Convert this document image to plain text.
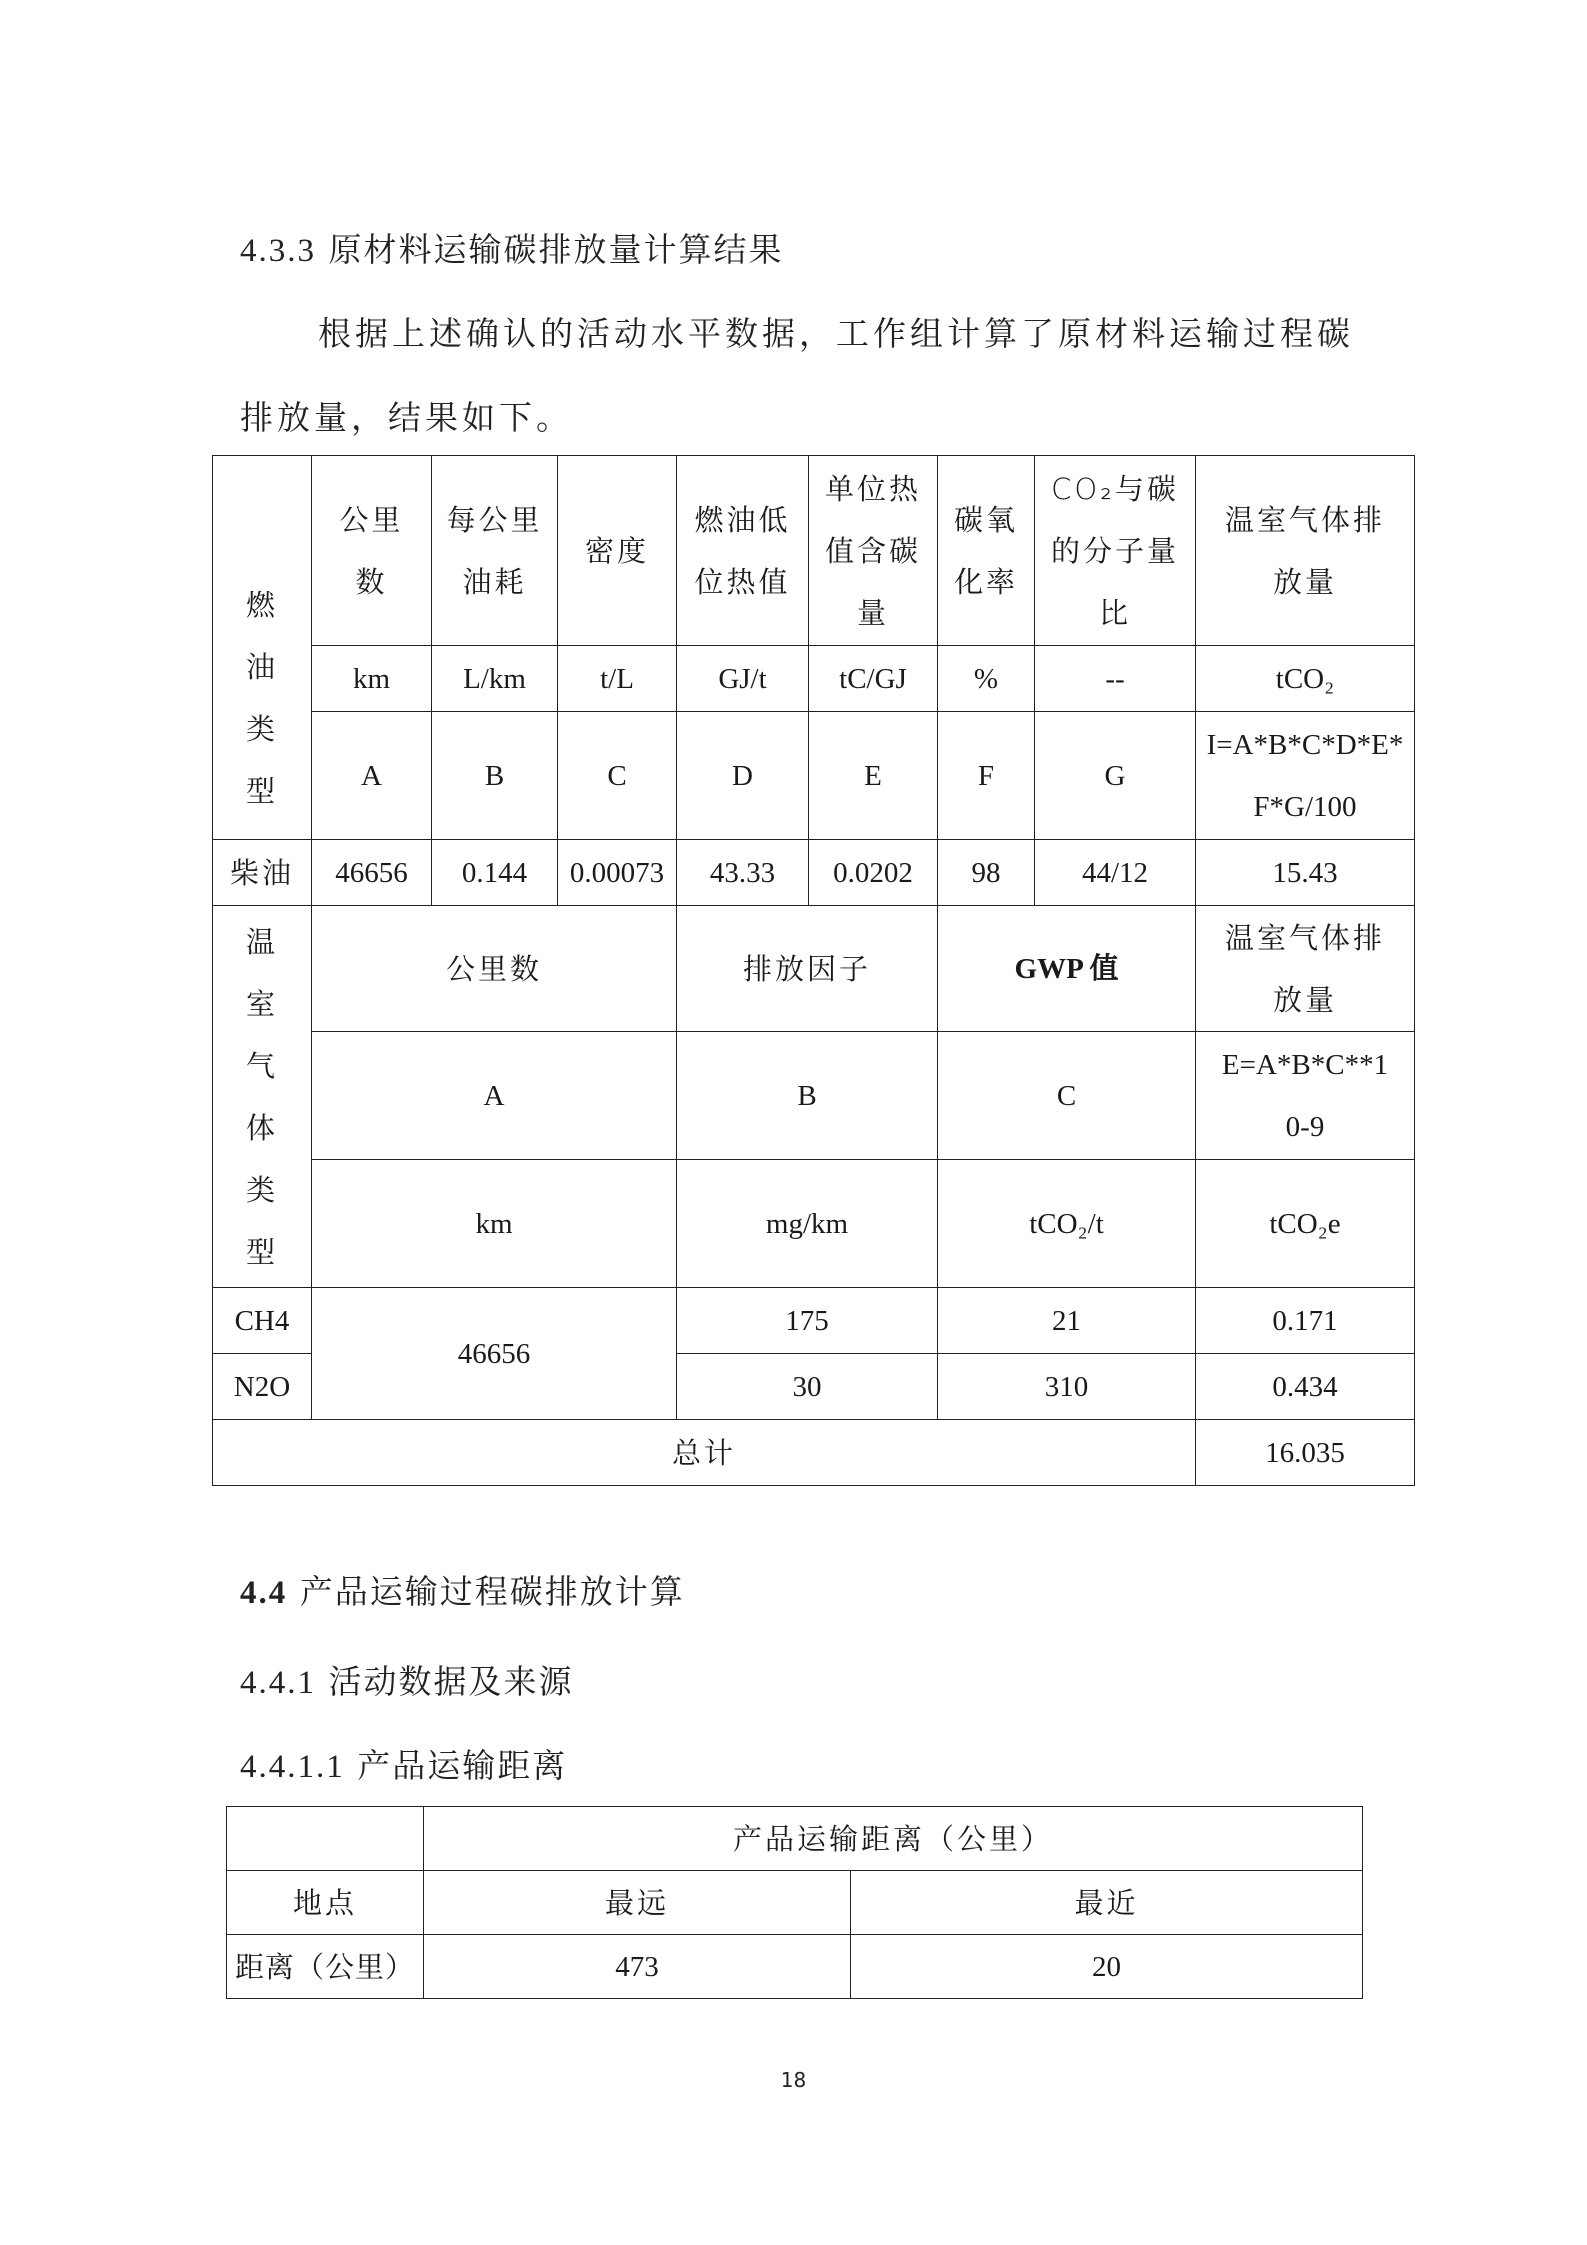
4.3.3 原材料运输碳排放量计算结果
根据上述确认的活动水平数据，工作组计算了原材料运输过程碳
排放量，结果如下。
燃油类型	公里数	每公里油耗	密度	燃油低位热值	单位热值含碳量	碳氧化率	CO₂与碳的分子量比	温室气体排放量

	km	L/km	t/L	GJ/t	tC/GJ	%	--	tCO₂
	A	B	C	D	E	F	G	I=A*B*C*D*E*F*G/100

柴油	46656	0.144	0.00073	43.33	0.0202	98	44/12	15.43

温室气体类型	公里数			排放因子		GWP 值		温室气体排放量

	A			B		C		E=A*B*C**10-9

	km			mg/km		tCO₂/t		tCO₂e
CH4	46656			175		21		0.171
N2O				30		310		0.434
总计								16.035
4.4 产品运输过程碳排放计算
4.4.1 活动数据及来源
4.4.1.1 产品运输距离
	产品运输距离（公里）	
地点	最远	最近
距离（公里）	473	20
18
